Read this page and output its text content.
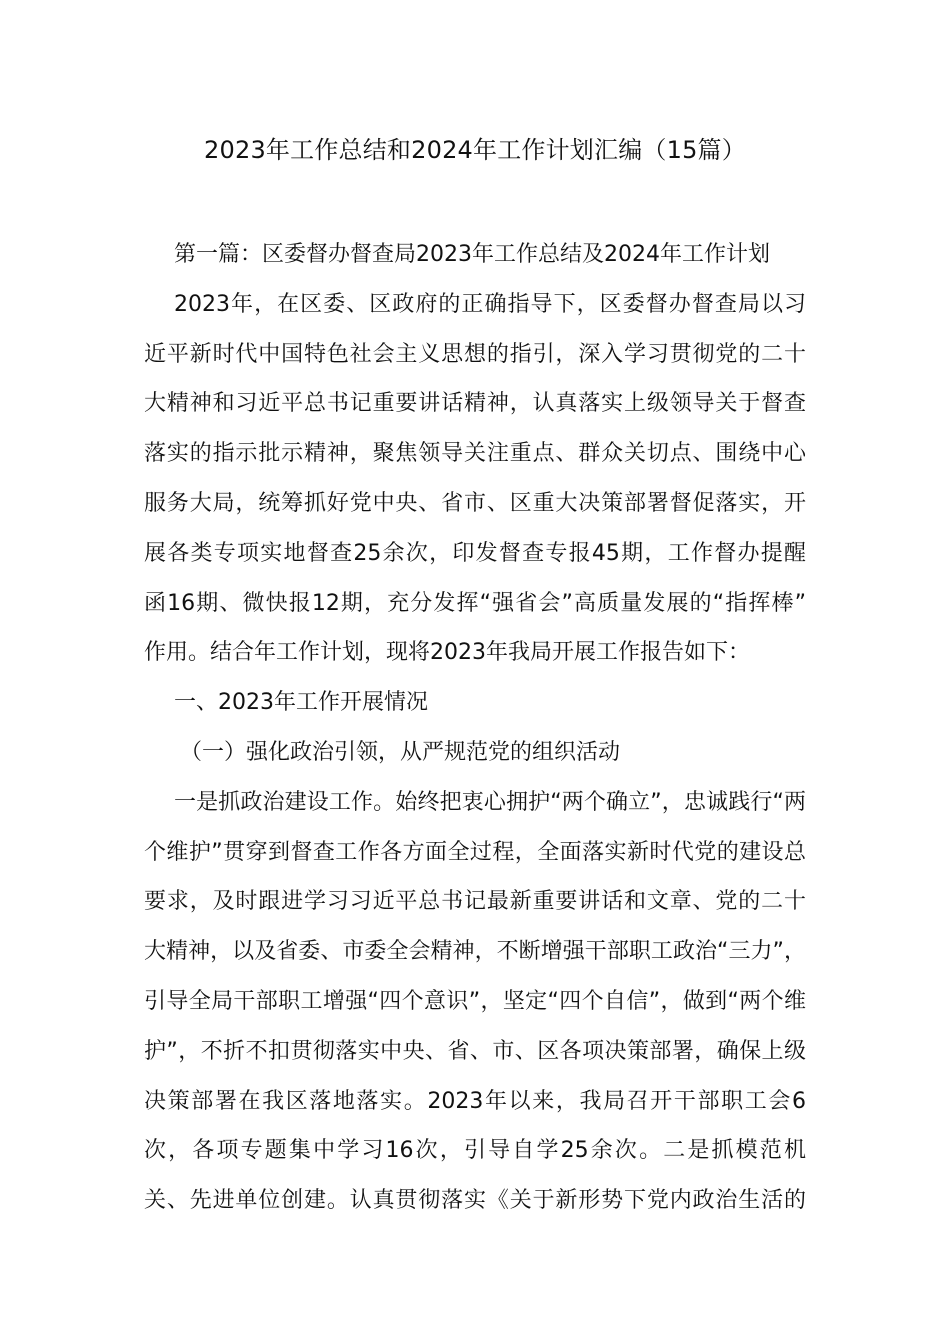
2023年工作总结和2024年工作计划汇编（15篇）
第一篇：区委督办督查局2023年工作总结及2024年工作计划
2023年，在区委、区政府的正确指导下，区委督办督查局以习
近平新时代中国特色社会主义思想的指引，深入学习贯彻党的二十
大精神和习近平总书记重要讲话精神，认真落实上级领导关于督查
落实的指示批示精神，聚焦领导关注重点、群众关切点、围绕中心
服务大局，统筹抓好党中央、省市、区重大决策部署督促落实，开
展各类专项实地督查25余次，印发督查专报45期，工作督办提醒
函16期、微快报12期，充分发挥“强省会”高质量发展的“指挥棒”
作用。结合年工作计划，现将2023年我局开展工作报告如下：
一、2023年工作开展情况
（一）强化政治引领，从严规范党的组织活动
一是抓政治建设工作。始终把衷心拥护“两个确立”，忠诚践行“两
个维护”贯穿到督查工作各方面全过程，全面落实新时代党的建设总
要求，及时跟进学习习近平总书记最新重要讲话和文章、党的二十
大精神，以及省委、市委全会精神，不断增强干部职工政治“三力”，
引导全局干部职工增强“四个意识”，坚定“四个自信”，做到“两个维
护”，不折不扣贯彻落实中央、省、市、区各项决策部署，确保上级
决策部署在我区落地落实。2023年以来，我局召开干部职工会6
次，各项专题集中学习16次，引导自学25余次。二是抓模范机
关、先进单位创建。认真贯彻落实《关于新形势下党内政治生活的
